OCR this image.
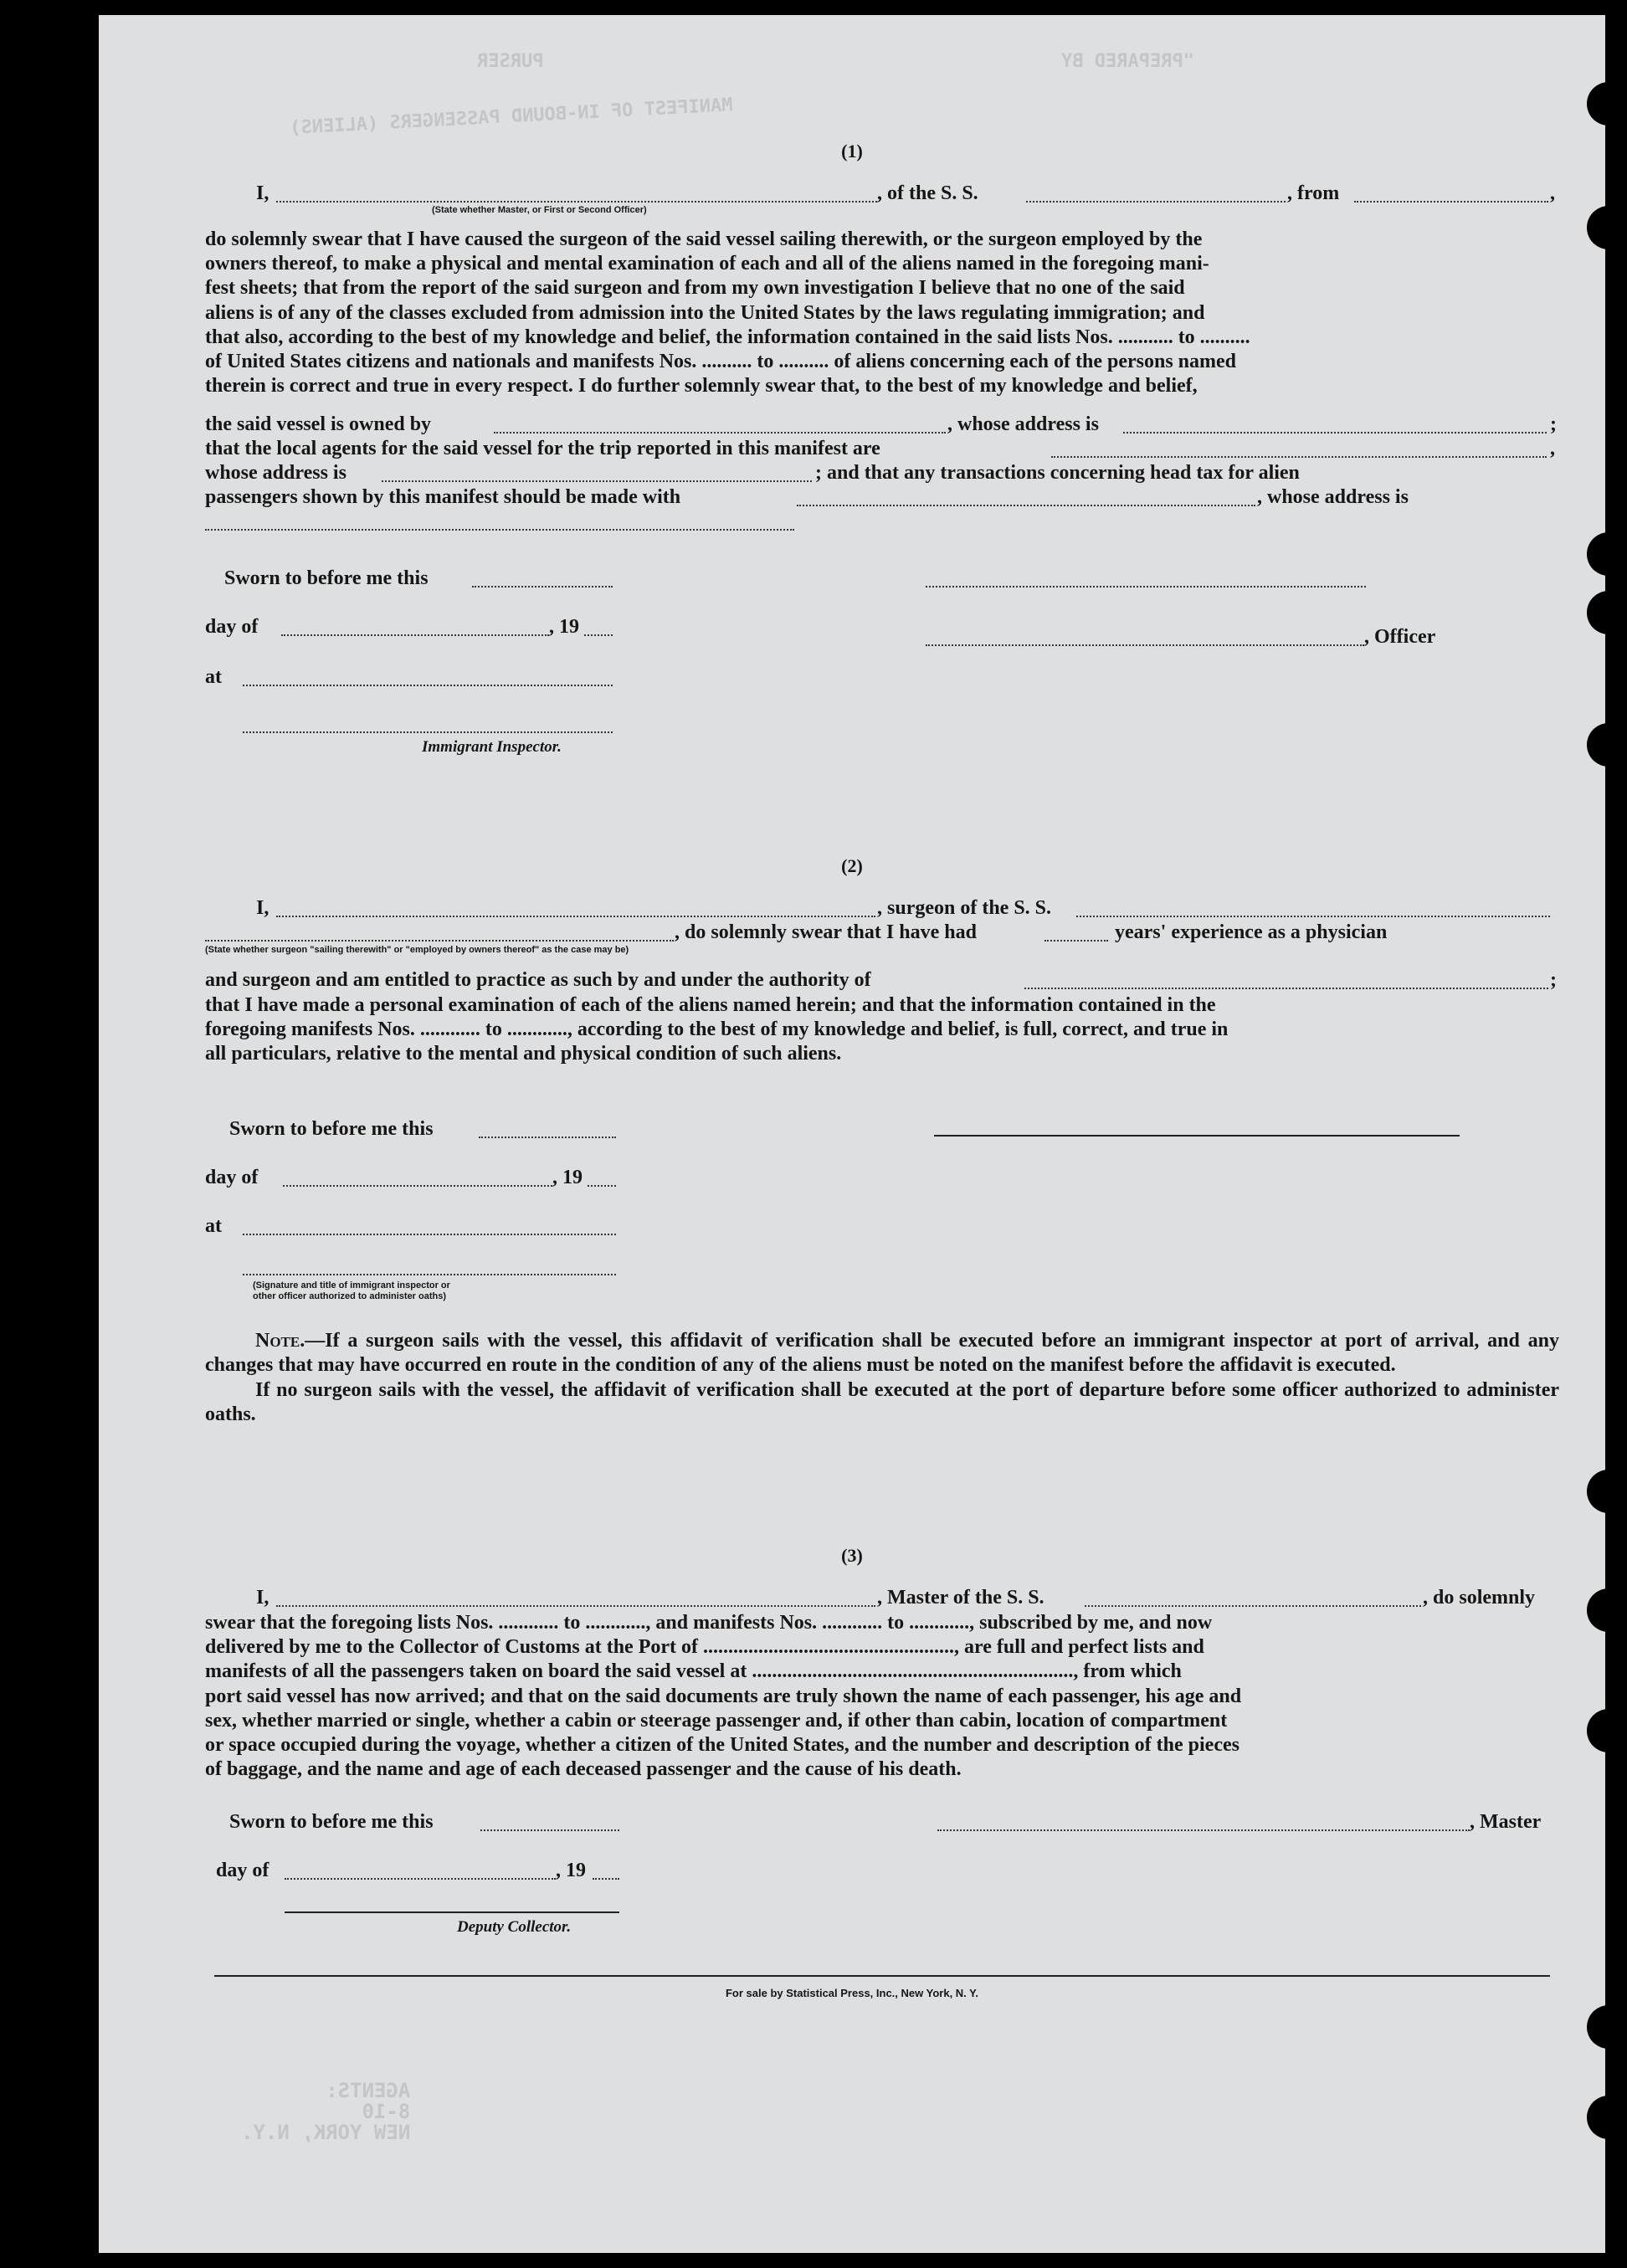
PURSER	"PREPARED BY
MANIFEST OF IN-BOUND PASSENGERS (ALIENS)
AGENTS:
8-10
NEW YORK, N.Y.
(1)
I,	, of the S. S.	, from	,
(State whether Master, or First or Second Officer)
do solemnly swear that I have caused the surgeon of the said vessel sailing therewith, or the surgeon employed by the
owners thereof, to make a physical and mental examination of each and all of the aliens named in the foregoing mani-
fest sheets; that from the report of the said surgeon and from my own investigation I believe that no one of the said
aliens is of any of the classes excluded from admission into the United States by the laws regulating immigration; and
that also, according to the best of my knowledge and belief, the information contained in the said lists Nos. ........... to ..........
of United States citizens and nationals and manifests Nos. .......... to .......... of aliens concerning each of the persons named
therein is correct and true in every respect. I do further solemnly swear that, to the best of my knowledge and belief,
the said vessel is owned by	, whose address is	;
that the local agents for the said vessel for the trip reported in this manifest are	,
whose address is	; and that any transactions concerning head tax for alien
passengers shown by this manifest should be made with	, whose address is
Sworn to before me this
day of	, 19	, Officer
at
Immigrant Inspector.
(2)
I,	, surgeon of the S. S.
, do solemnly swear that I have had	years' experience as a physician
(State whether surgeon "sailing therewith" or "employed by owners thereof" as the case may be)
and surgeon and am entitled to practice as such by and under the authority of	;
that I have made a personal examination of each of the aliens named herein; and that the information contained in the
foregoing manifests Nos. ............ to ............, according to the best of my knowledge and belief, is full, correct, and true in
all particulars, relative to the mental and physical condition of such aliens.
Sworn to before me this
day of	, 19
at
(Signature and title of immigrant inspector or
other officer authorized to administer oaths)

Note.—If a surgeon sails with the vessel, this affidavit of verification shall be executed before an immigrant inspector at port of arrival, and any changes that may have occurred en route in the condition of any of the aliens must be noted on the manifest before the affidavit is executed.

If no surgeon sails with the vessel, the affidavit of verification shall be executed at the port of departure before some officer authorized to administer oaths.

(3)
I,	, Master of the S. S.	, do solemnly
swear that the foregoing lists Nos. ............ to ............, and manifests Nos. ............ to ............, subscribed by me, and now
delivered by me to the Collector of Customs at the Port of .................................................., are full and perfect lists and
manifests of all the passengers taken on board the said vessel at ................................................................, from which
port said vessel has now arrived; and that on the said documents are truly shown the name of each passenger, his age and
sex, whether married or single, whether a cabin or steerage passenger and, if other than cabin, location of compartment
or space occupied during the voyage, whether a citizen of the United States, and the number and description of the pieces
of baggage, and the name and age of each deceased passenger and the cause of his death.
Sworn to before me this	, Master
day of	, 19
Deputy Collector.
For sale by Statistical Press, Inc., New York, N. Y.
